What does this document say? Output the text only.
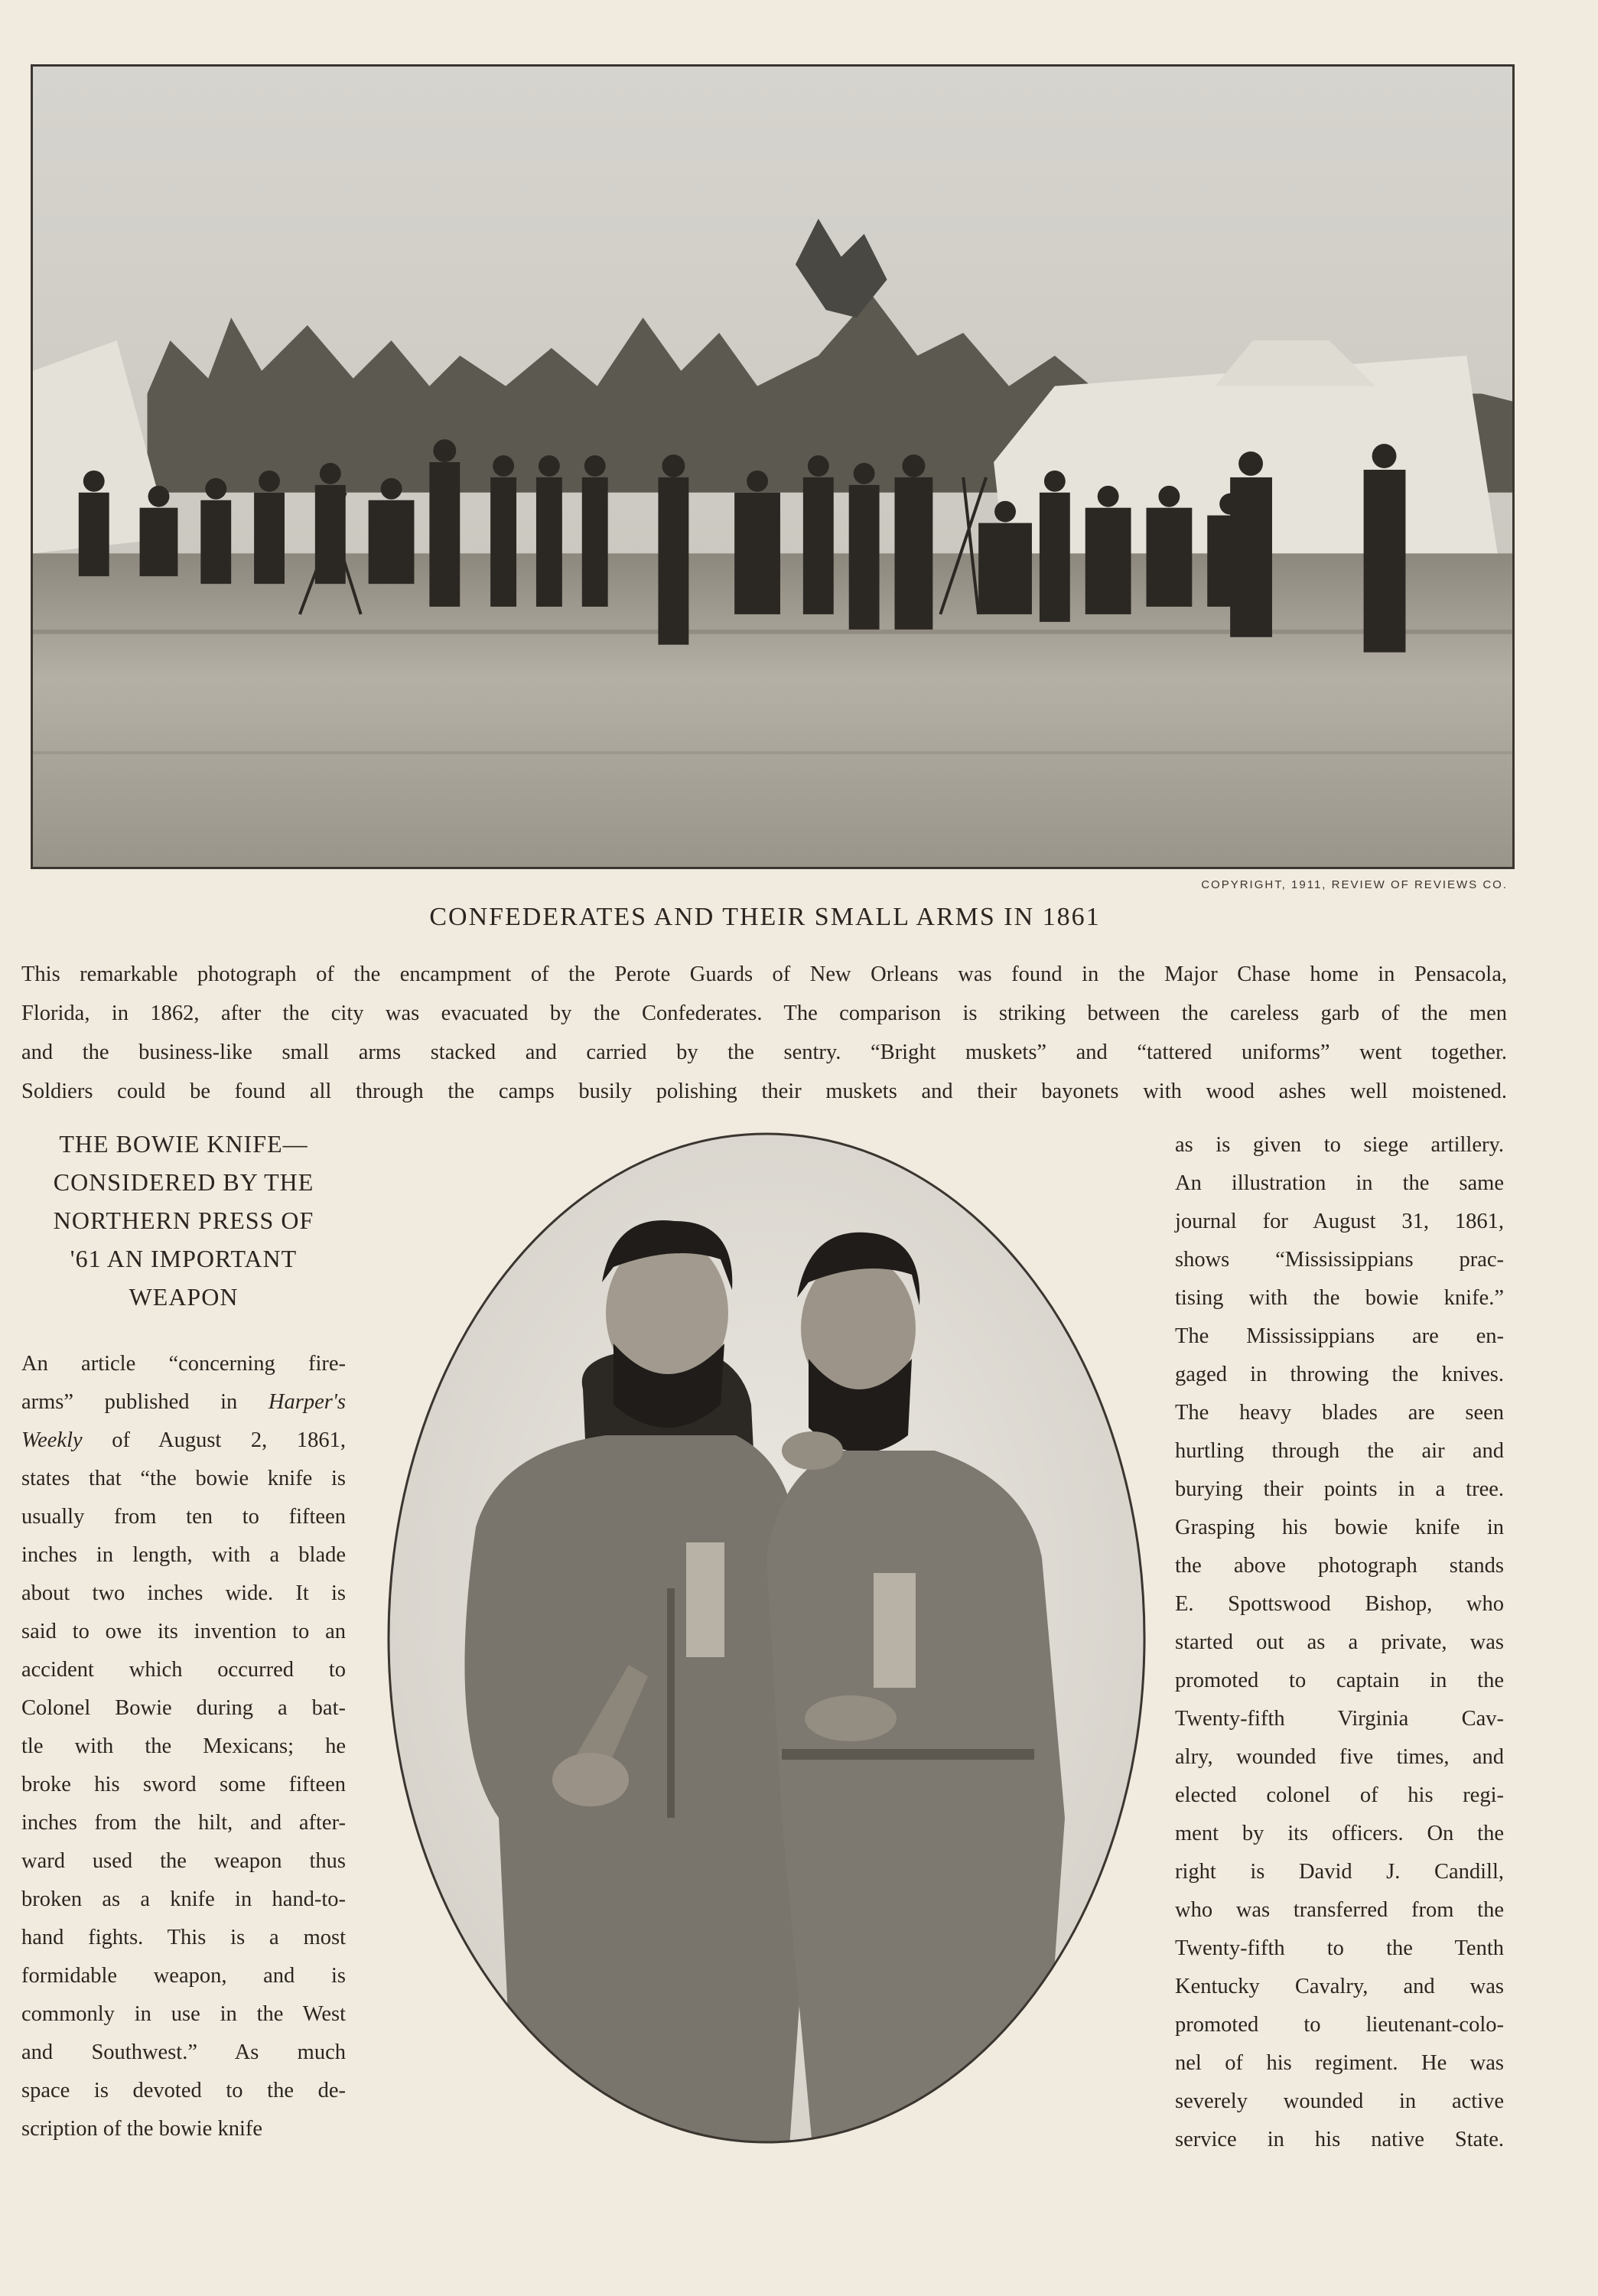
COPYRIGHT, 1911, REVIEW OF REVIEWS CO.
CONFEDERATES AND THEIR SMALL ARMS IN 1861

This remarkable photograph of the encampment of the Perote Guards of New Orleans was found in the Major Chase home in Pensacola,

Florida, in 1862, after the city was evacuated by the Confederates. The comparison is striking between the careless garb of the men

and the business-like small arms stacked and carried by the sentry. “Bright muskets” and “tattered uniforms” went together.

Soldiers could be found all through the camps busily polishing their muskets and their bayonets with wood ashes well moistened.

THE BOWIE KNIFE—
CONSIDERED BY THE
NORTHERN PRESS OF
'61 AN IMPORTANT
WEAPON
An article “concerning fire-
arms” published in Harper's
Weekly of August 2, 1861,
states that “the bowie knife is
usually from ten to fifteen
inches in length, with a blade
about two inches wide. It is
said to owe its invention to an
accident which occurred to
Colonel Bowie during a bat-
tle with the Mexicans; he
broke his sword some fifteen
inches from the hilt, and after-
ward used the weapon thus
broken as a knife in hand-to-
hand fights. This is a most
formidable weapon, and is
commonly in use in the West
and Southwest.” As much
space is devoted to the de-
scription of the bowie knife
as is given to siege artillery.
An illustration in the same
journal for August 31, 1861,
shows “Mississippians prac-
tising with the bowie knife.”
The Mississippians are en-
gaged in throwing the knives.
The heavy blades are seen
hurtling through the air and
burying their points in a tree.
Grasping his bowie knife in
the above photograph stands
E. Spottswood Bishop, who
started out as a private, was
promoted to captain in the
Twenty-fifth Virginia Cav-
alry, wounded five times, and
elected colonel of his regi-
ment by its officers. On the
right is David J. Candill,
who was transferred from the
Twenty-fifth to the Tenth
Kentucky Cavalry, and was
promoted to lieutenant-colo-
nel of his regiment. He was
severely wounded in active
service in his native State.
